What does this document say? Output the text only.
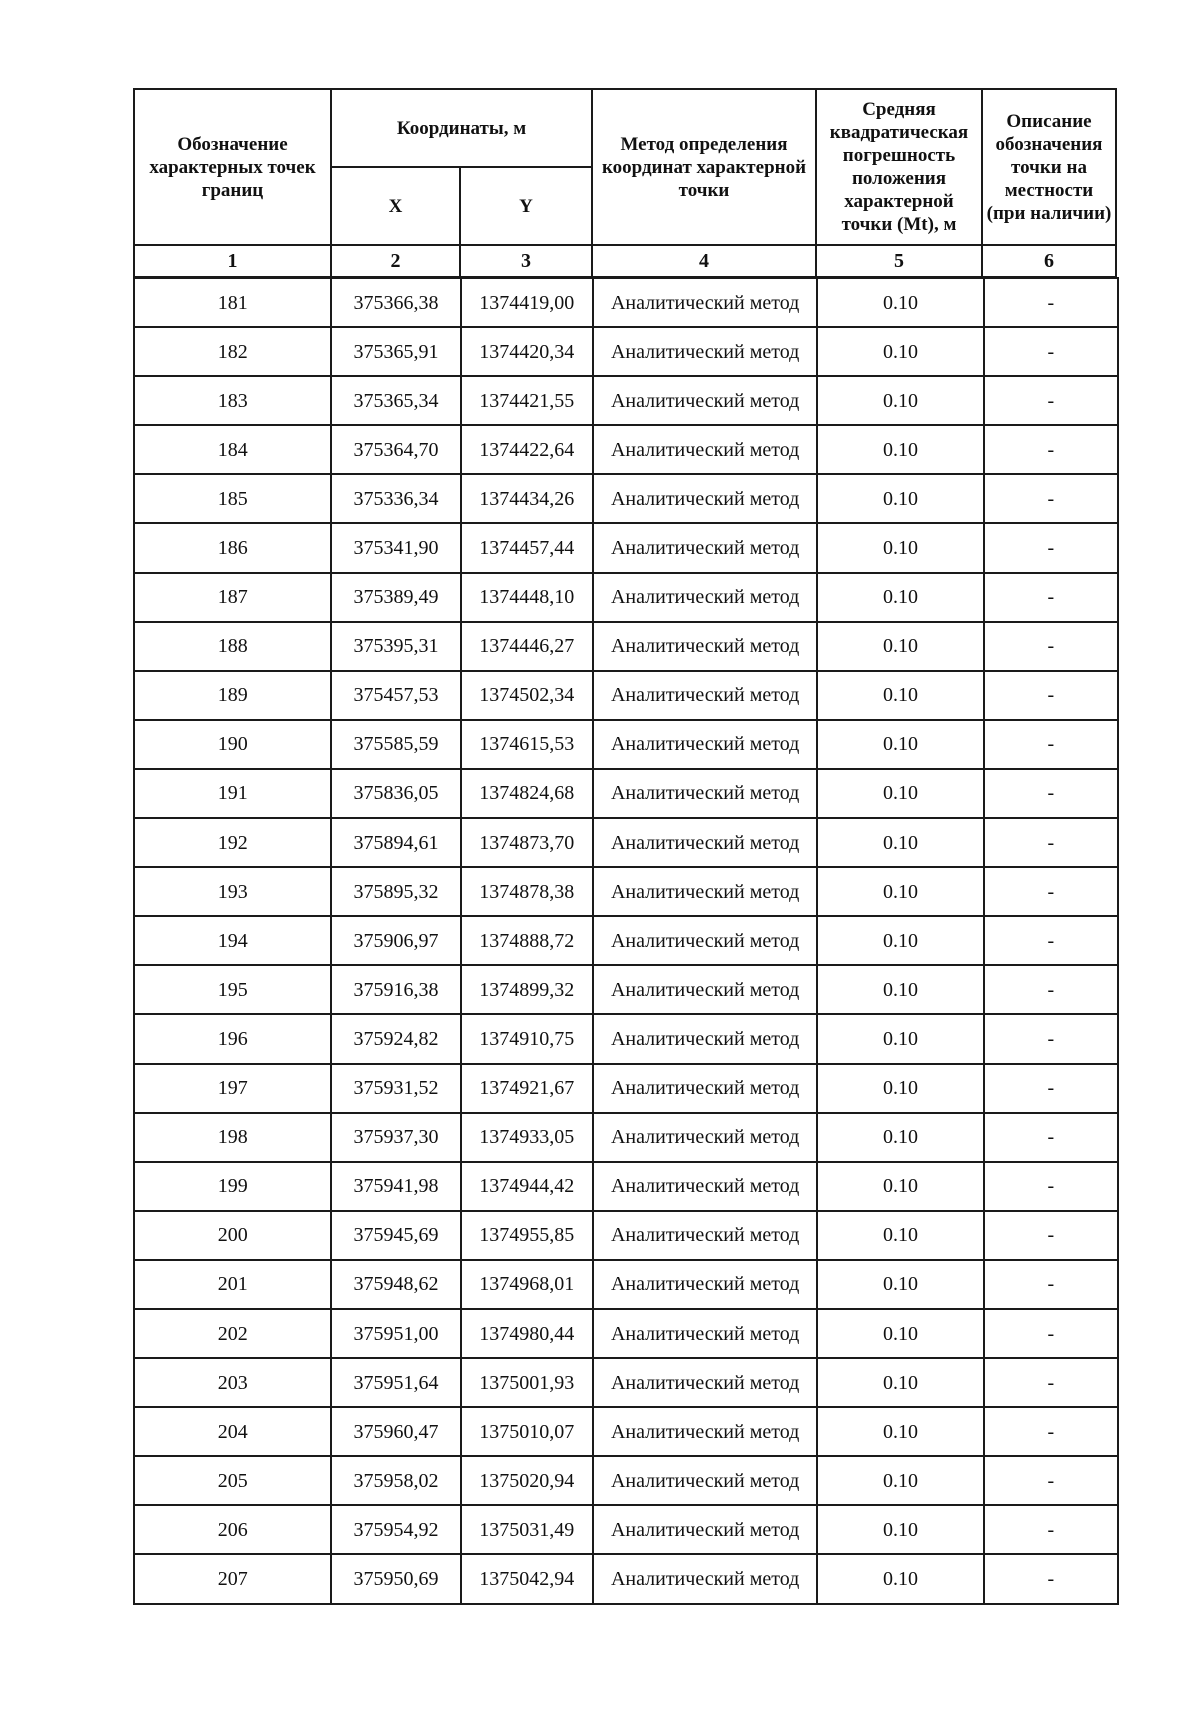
Обозначение характерных точек границ	Координаты, м		Метод определения координат характерной точки	Средняя квадратическая погрешность положения характерной точки (Mt), м	Описание обозначения точки на местности (при наличии)
	X	Y			
1	2	3	4	5	6
181	375366,38	1374419,00	Аналитический метод	0.10	-
182	375365,91	1374420,34	Аналитический метод	0.10	-
183	375365,34	1374421,55	Аналитический метод	0.10	-
184	375364,70	1374422,64	Аналитический метод	0.10	-
185	375336,34	1374434,26	Аналитический метод	0.10	-
186	375341,90	1374457,44	Аналитический метод	0.10	-
187	375389,49	1374448,10	Аналитический метод	0.10	-
188	375395,31	1374446,27	Аналитический метод	0.10	-
189	375457,53	1374502,34	Аналитический метод	0.10	-
190	375585,59	1374615,53	Аналитический метод	0.10	-
191	375836,05	1374824,68	Аналитический метод	0.10	-
192	375894,61	1374873,70	Аналитический метод	0.10	-
193	375895,32	1374878,38	Аналитический метод	0.10	-
194	375906,97	1374888,72	Аналитический метод	0.10	-
195	375916,38	1374899,32	Аналитический метод	0.10	-
196	375924,82	1374910,75	Аналитический метод	0.10	-
197	375931,52	1374921,67	Аналитический метод	0.10	-
198	375937,30	1374933,05	Аналитический метод	0.10	-
199	375941,98	1374944,42	Аналитический метод	0.10	-
200	375945,69	1374955,85	Аналитический метод	0.10	-
201	375948,62	1374968,01	Аналитический метод	0.10	-
202	375951,00	1374980,44	Аналитический метод	0.10	-
203	375951,64	1375001,93	Аналитический метод	0.10	-
204	375960,47	1375010,07	Аналитический метод	0.10	-
205	375958,02	1375020,94	Аналитический метод	0.10	-
206	375954,92	1375031,49	Аналитический метод	0.10	-
207	375950,69	1375042,94	Аналитический метод	0.10	-
